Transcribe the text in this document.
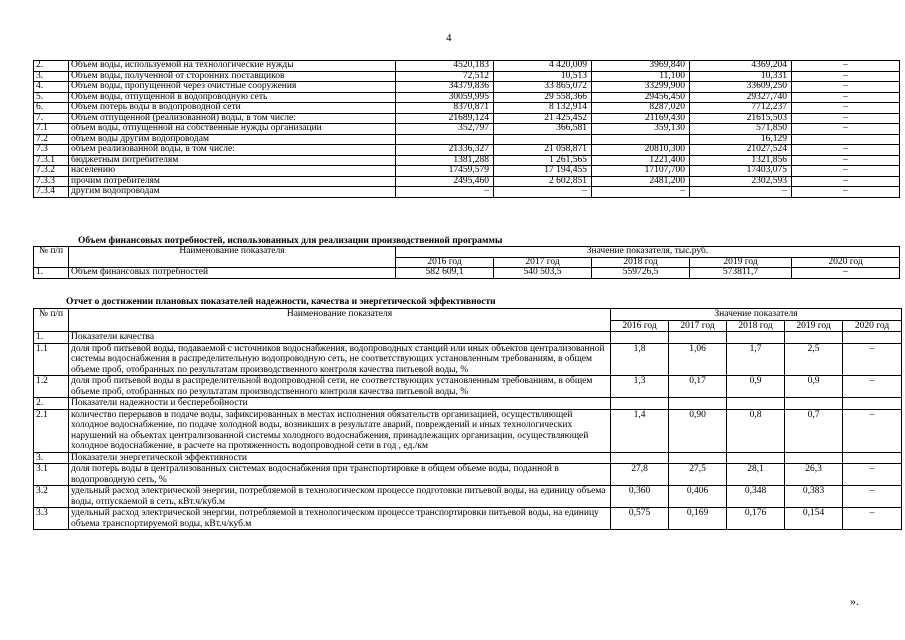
4
2.	Объем воды, используемой на технологические нужды	4520,183	4 420,009	3969,840	4369,204	–
3.	Объем воды, полученной от сторонних поставщиков	72,512	10,513	11,100	10,331	–
4.	Объем воды, пропущенной через очистные сооружения	34379,836	33 865,072	33299,900	33609,250	–
5.	Объем воды, отпущенной в водопроводную сеть	30059,995	29 558,366	29456,450	29327,740	–
6.	Объем потерь воды в водопроводной сети	8370,871	8 132,914	8287,020	7712,237	–
7.	Объем отпущенной (реализованной) воды, в том числе:	21689,124	21 425,452	21169,430	21615,503	–
7.1	объем воды, отпущенной на собственные нужды организации	352,797	366,581	359,130	571,850	–
7.2	объем воды другим водопроводам				16,129	
7.3	объем реализованной воды, в том числе:	21336,327	21 058,871	20810,300	21027,524	–
7.3.1	бюджетным потребителям	1381,288	1 261,565	1221,400	1321,856	–
7.3.2	населению	17459,579	17 194,455	17107,700	17403,075	–
7.3.3	прочим потребителям	2495,460	2 602,851	2481,200	2302,593	–
7.3.4	другим водопроводам	–	–	–	–	–
Объем финансовых потребностей, использованных для реализации производственной программы
№ п/п	Наименование показателя	Значение показателя, тыс.руб.				
		2016 год	2017 год	2018 год	2019 год	2020 год
1.	Объем финансовых потребностей	582 609,1	540 503,5	559726,5	573811,7	–
Отчет о достижении плановых показателей надежности, качества и энергетической эффективности
№ п/п	Наименование показателя	Значение показателя				
		2016 год	2017 год	2018 год	2019 год	2020 год
1.	Показатели качества					
1.1	доля проб питьевой воды, подаваемой с источников водоснабжения, водопроводных станций или иных объектов централизованной системы водоснабжения в распределительную водопроводную сеть, не соответствующих установленным требованиям, в общем объеме проб, отобранных по результатам производственного контроля качества питьевой воды, %	1,8	1,06	1,7	2,5	–
1.2	доля проб питьевой воды в распределительной водопроводной сети, не соответствующих установленным требованиям, в общем объеме проб, отобранных по результатам производственного контроля качества питьевой воды, %	1,3	0,17	0,9	0,9	–
2.	Показатели надежности и бесперебойности					
2.1	количество перерывов в подаче воды, зафиксированных в местах исполнения обязательств организацией, осуществляющей холодное водоснабжение, по подаче холодной воды, возникших в результате аварий, повреждений и иных технологических нарушений на объектах централизованной системы холодного водоснабжения, принадлежащих организации, осуществляющей холодное водоснабжение, в расчете на протяженность водопроводной сети в год , ед./км	1,4	0,90	0,8	0,7	–
3.	Показатели энергетической эффективности					
3.1	доля потерь воды в централизованных системах водоснабжения при транспортировке в общем объеме воды, поданной в водопроводную сеть, %	27,8	27,5	28,1	26,3	–
3.2	удельный расход электрической энергии, потребляемой в технологическом процессе подготовки питьевой воды, на единицу объема воды, отпускаемой в сеть, кВт.ч/куб.м	0,360	0,406	0,348	0,383	–
3.3	удельный расход электрической энергии, потребляемой в технологическом процессе транспортировки питьевой воды, на единицу объема транспортируемой воды, кВт.ч/куб.м	0,575	0,169	0,176	0,154	–
».
